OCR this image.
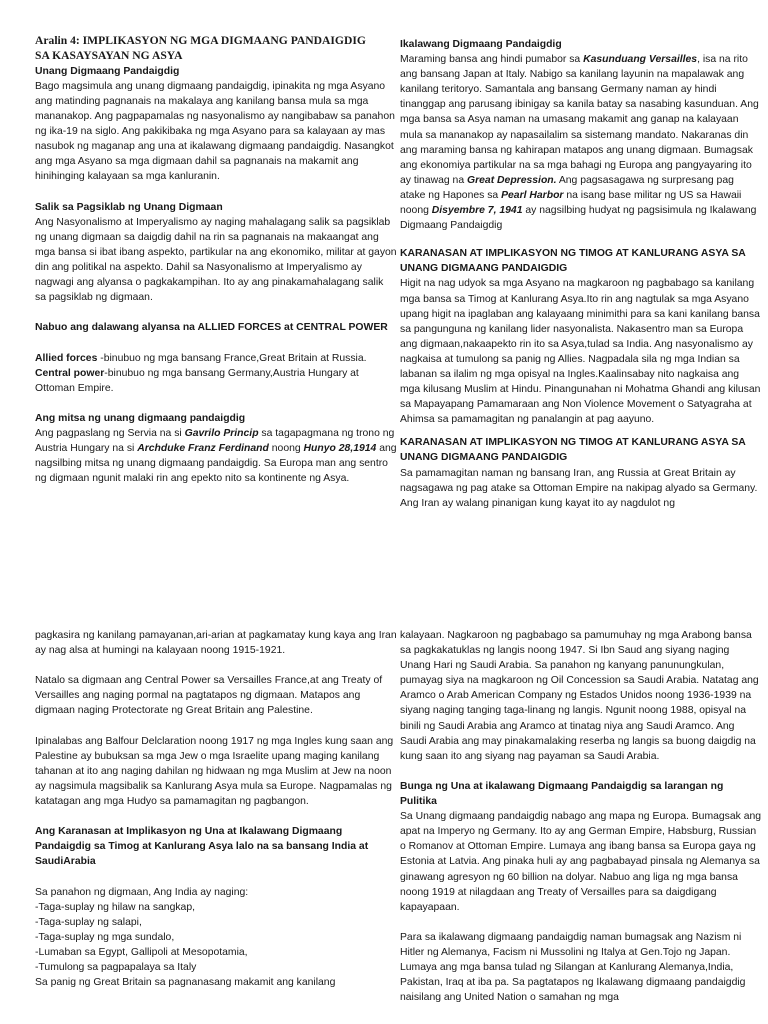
Aralin 4: IMPLIKASYON NG MGA DIGMAANG PANDAIGDIG

SA KASAYSAYAN NG ASYA

Unang Digmaang Pandaigdig

Bago magsimula ang unang digmaang pandaigdig, ipinakita ng mga Asyano ang matinding pagnanais na makalaya ang kanilang bansa mula sa mga mananakop. Ang pagpapamalas ng nasyonalismo ay nangibabaw sa panahon ng ika-19 na siglo. Ang pakikibaka ng mga Asyano para sa kalayaan ay mas nasubok ng maganap ang una at ikalawang digmaang pandaigdig. Nasangkot ang mga Asyano sa mga digmaan dahil sa pagnanais na makamit ang hinihinging kalayaan sa mga kanluranin.

Salik sa Pagsiklab ng Unang Digmaan

Ang Nasyonalismo at Imperyalismo ay naging mahalagang salik sa pagsiklab ng unang digmaan sa daigdig dahil na rin sa pagnanais na makaangat ang mga bansa si ibat ibang aspekto, partikular na ang ekonomiko, militar at gayon din ang politikal na aspekto. Dahil sa Nasyonalismo at Imperyalismo ay nagwagi ang alyansa o pagkakampihan. Ito ay ang pinakamahalagang salik sa pagsiklab ng digmaan.

Nabuo ang dalawang alyansa na ALLIED FORCES at CENTRAL POWER

Allied forces -binubuo ng mga bansang France,Great Britain at Russia.

Central power-binubuo ng mga bansang Germany,Austria Hungary at Ottoman Empire.

Ang mitsa ng unang digmaang pandaigdig

Ang pagpaslang ng Servia na si Gavrilo Princip sa tagapagmana ng trono ng Austria Hungary na si Archduke Franz Ferdinand noong Hunyo 28,1914 ang nagsilbing mitsa ng unang digmaang pandaigdig. Sa Europa man ang sentro ng digmaan ngunit malaki rin ang epekto nito sa kontinente ng Asya.

Ikalawang Digmaang Pandaigdig

Maraming bansa ang hindi pumabor sa Kasunduang Versailles, isa na rito ang bansang Japan at Italy. Nabigo sa kanilang layunin na mapalawak ang kanilang teritoryo. Samantala ang bansang Germany naman ay hindi tinanggap ang parusang ibinigay sa kanila batay sa nasabing kasunduan. Ang mga bansa sa Asya naman na umasang makamit ang ganap na kalayaan mula sa mananakop ay napasailalim sa sistemang mandato. Nakaranas din ang maraming bansa ng kahirapan matapos ang unang digmaan. Bumagsak ang ekonomiya partikular na sa mga bahagi ng Europa ang pangyayaring ito ay tinawag na Great Depression. Ang pagsasagawa ng surpresang pag atake ng Hapones sa Pearl Harbor na isang base militar ng US sa Hawaii noong Disyembre 7, 1941 ay nagsilbing hudyat ng pagsisimula ng Ikalawang Digmaang Pandaigdig

KARANASAN AT IMPLIKASYON NG TIMOG AT KANLURANG ASYA SA UNANG DIGMAANG PANDAIGDIG

Higit na nag udyok sa mga Asyano na magkaroon ng pagbabago sa kanilang mga bansa sa Timog at Kanlurang Asya.Ito rin ang nagtulak sa mga Asyano upang higit na ipaglaban ang kalayaang minimithi para sa kani kanilang bansa sa pangunguna ng kanilang lider nasyonalista. Nakasentro man sa Europa ang digmaan,nakaapekto rin ito sa Asya,tulad sa India. Ang nasyonalismo ay nagkaisa at tumulong sa panig ng Allies. Nagpadala sila ng mga Indian sa labanan sa ilalim ng mga opisyal na Ingles.Kaalinsabay nito nagkaisa ang mga kilusang Muslim at Hindu. Pinangunahan ni Mohatma Ghandi ang kilusan sa Mapayapang Pamamaraan ang Non Violence Movement o Satyagraha at Ahimsa sa pamamagitan ng panalangin at pag aayuno.

KARANASAN AT IMPLIKASYON NG TIMOG AT KANLURANG ASYA SA UNANG DIGMAANG PANDAIGDIG

Sa pamamagitan naman ng bansang Iran, ang Russia at Great Britain ay nagsagawa ng pag atake sa Ottoman Empire na nakipag alyado sa Germany. Ang Iran ay walang pinanigan kung kayat ito ay nagdulot ng

pagkasira ng kanilang pamayanan,ari-arian at pagkamatay kung kaya ang Iran ay nag alsa at humingi na kalayaan noong 1915-1921.

Natalo sa digmaan ang Central Power sa Versailles France,at ang Treaty of Versailles ang naging pormal na pagtatapos ng digmaan. Matapos ang digmaan naging Protectorate ng Great Britain ang Palestine.

Ipinalabas ang Balfour Delclaration noong 1917 ng mga Ingles kung saan ang Palestine ay bubuksan sa mga Jew o mga Israelite upang maging kanilang tahanan at ito ang naging dahilan ng hidwaan ng mga Muslim at Jew na noon ay nagsimula magsibalik sa Kanlurang Asya mula sa Europe. Nagpamalas ng katatagan ang mga Hudyo sa pamamagitan ng pagbangon.

Ang Karanasan at Implikasyon ng Una at Ikalawang Digmaang Pandaigdig sa Timog at Kanlurang Asya lalo na sa bansang India at SaudiArabia

Sa panahon ng digmaan, Ang India ay naging:

-Taga-suplay ng hilaw na sangkap,

-Taga-suplay ng salapi,

-Taga-suplay ng mga sundalo,

-Lumaban sa Egypt, Gallipoli at Mesopotamia,

-Tumulong sa pagpapalaya sa Italy

Sa panig ng Great Britain sa pagnanasang makamit ang kanilang

kalayaan. Nagkaroon ng pagbabago sa pamumuhay ng mga Arabong bansa sa pagkakatuklas ng langis noong 1947. Si Ibn Saud ang siyang naging Unang Hari ng Saudi Arabia. Sa panahon ng kanyang panunungkulan, pumayag siya na magkaroon ng Oil Concession sa Saudi Arabia. Natatag ang Aramco o Arab American Company ng Estados Unidos noong 1936-1939 na siyang naging tanging taga-linang ng langis. Ngunit noong 1988, opisyal na binili ng Saudi Arabia ang Aramco at tinatag niya ang Saudi Aramco. Ang Saudi Arabia ang may pinakamalaking reserba ng langis sa buong daigdig na kung saan ito ang siyang nag payaman sa Saudi Arabia.

Bunga ng Una at ikalawang Digmaang Pandaigdig sa larangan ng Pulitika

Sa Unang digmaang pandaigdig nabago ang mapa ng Europa. Bumagsak ang apat na Imperyo ng Germany. Ito ay ang German Empire, Habsburg, Russian o Romanov at Ottoman Empire. Lumaya ang ibang bansa sa Europa gaya ng Estonia at Latvia. Ang pinaka huli ay ang pagbabayad pinsala ng Alemanya sa ginawang agresyon ng 60 billion na dolyar. Nabuo ang liga ng mga bansa noong 1919 at nilagdaan ang Treaty of Versailles para sa daigdigang kapayapaan.

Para sa ikalawang digmaang pandaigdig naman bumagsak ang Nazism ni Hitler ng Alemanya, Facism ni Mussolini ng Italya at Gen.Tojo ng Japan. Lumaya ang mga bansa tulad ng Silangan at Kanlurang Alemanya,India, Pakistan, Iraq at iba pa. Sa pagtatapos ng Ikalawang digmaang pandaigdig naisilang ang United Nation o samahan ng mga
